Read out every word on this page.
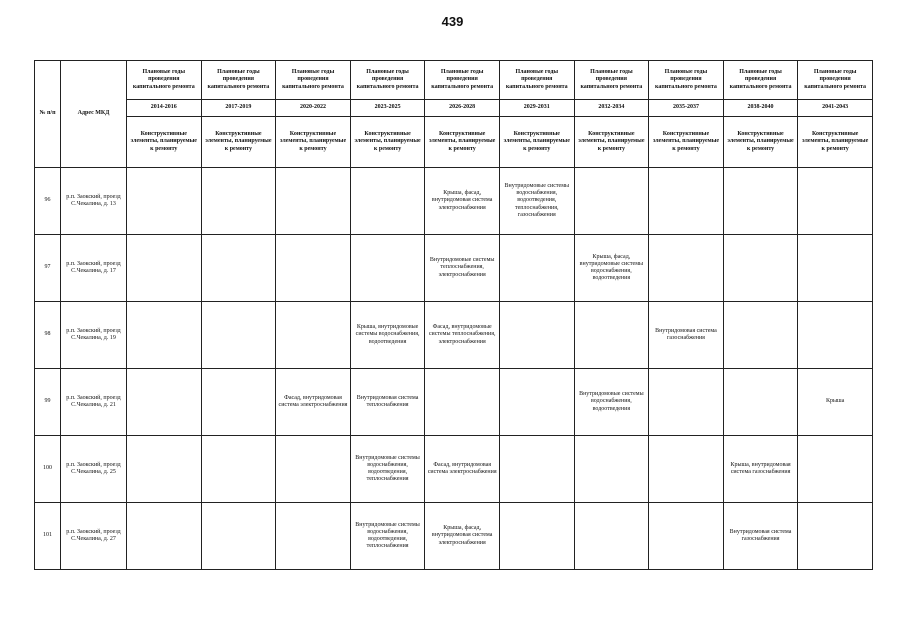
439
№ п/п	Адрес МКД	Плановые годы проведения капитального ремонта	Плановые годы проведения капитального ремонта	Плановые годы проведения капитального ремонта	Плановые годы проведения капитального ремонта	Плановые годы проведения капитального ремонта	Плановые годы проведения капитального ремонта	Плановые годы проведения капитального ремонта	Плановые годы проведения капитального ремонта	Плановые годы проведения капитального ремонта	Плановые годы проведения капитального ремонта
		2014-2016	2017-2019	2020-2022	2023-2025	2026-2028	2029-2031	2032-2034	2035-2037	2038-2040	2041-2043
		Конструктивные элементы, планируемые к ремонту	Конструктивные элементы, планируемые к ремонту	Конструктивные элементы, планируемые к ремонту	Конструктивные элементы, планируемые к ремонту	Конструктивные элементы, планируемые к ремонту	Конструктивные элементы, планируемые к ремонту	Конструктивные элементы, планируемые к ремонту	Конструктивные элементы, планируемые к ремонту	Конструктивные элементы, планируемые к ремонту	Конструктивные элементы, планируемые к ремонту
96	р.п. Заокский, проезд С.Чекалина, д. 13					Крыша, фасад, внутридомовая система электроснабжения	Внутридомовые системы водоснабжения, водоотведения, теплоснабжения, газоснабжения				
97	р.п. Заокский, проезд С.Чекалина, д. 17					Внутридомовые системы теплоснабжения, электроснабжения		Крыша, фасад, внутридомовые системы водоснабжения, водоотведения			
98	р.п. Заокский, проезд С.Чекалина, д. 19				Крыша, внутридомовые системы водоснабжения, водоотведения	Фасад, внутридомовые системы теплоснабжения, электроснабжения			Внутридомовая система газоснабжения		
99	р.п. Заокский, проезд С.Чекалина, д. 21			Фасад, внутридомовая система электроснабжения	Внутридомовая система теплоснабжения			Внутридомовые системы водоснабжения, водоотведения			Крыша
100	р.п. Заокский, проезд С.Чекалина, д. 25				Внутридомовые системы водоснабжения, водоотведения, теплоснабжения	Фасад, внутридомовая система электроснабжения				Крыша, внутридомовая система газоснабжения	
101	р.п. Заокский, проезд С.Чекалина, д. 27				Внутридомовые системы водоснабжения, водоотведения, теплоснабжения	Крыша, фасад, внутридомовая система электроснабжения				Внутридомовая система газоснабжения	
